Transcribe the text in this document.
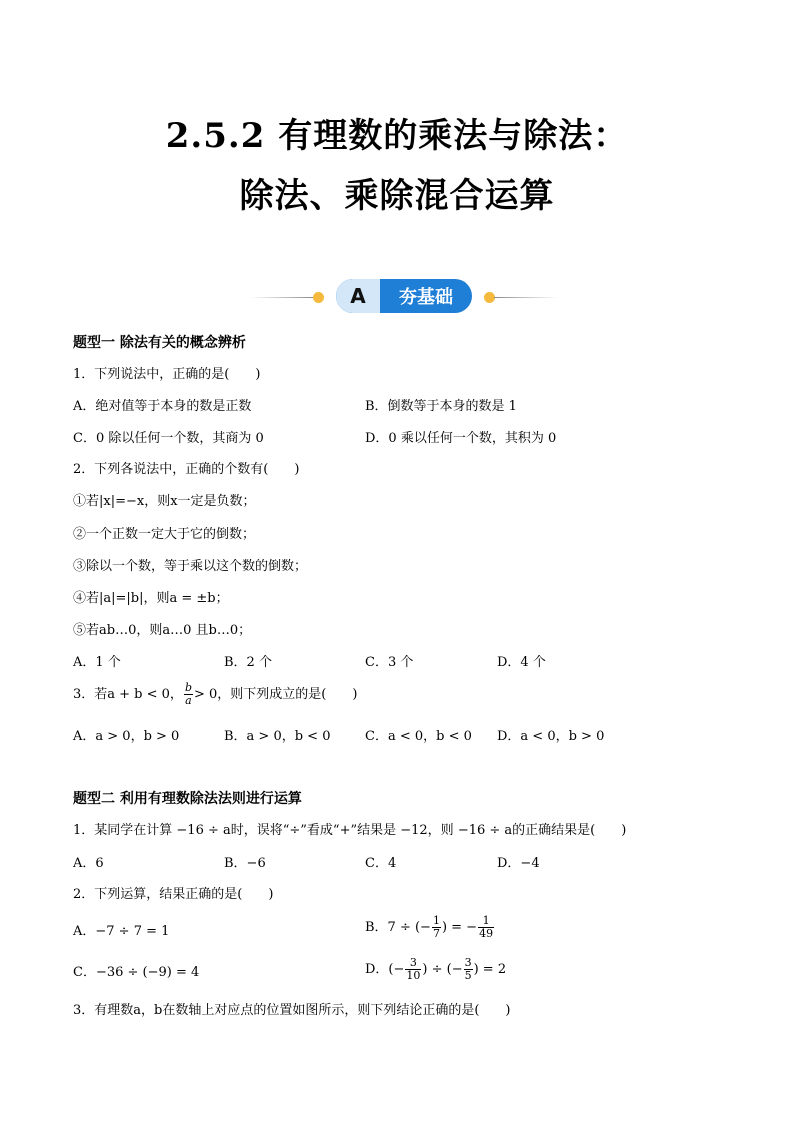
2.5.2 有理数的乘法与除法：
除法、乘除混合运算
A	夯基础
题型一 除法有关的概念辨析
1．下列说法中，正确的是(　　)
A．绝对值等于本身的数是正数	B．倒数等于本身的数是 1
C．0 除以任何一个数，其商为 0	D．0 乘以任何一个数，其积为 0
2．下列各说法中，正确的个数有(　　)
①若|x|=−x，则x一定是负数；
②一个正数一定大于它的倒数；
③除以一个数，等于乘以这个数的倒数；
④若|a|=|b|，则a = ±b；
⑤若ab…0，则a…0 且b…0；
A．1 个	B．2 个	C．3 个	D．4 个
3．若a + b < 0， $\frac{b}{a} > 0$，则下列成立的是(　　)
A．a > 0，b > 0	B．a > 0，b < 0	C．a < 0，b < 0 D．a < 0，b > 0
题型二 利用有理数除法法则进行运算
1．某同学在计算 −16 ÷ a时，误将“÷”看成“+”结果是 −12，则 −16 ÷ a的正确结果是(　　)
A．6	B．−6	C．4	D．−4
2．下列运算，结果正确的是(　　)
A．−7 ÷ 7 = 1	B．7 ÷ (− $\frac{1}{7}$ ) = − $\frac{1}{49}$
C．−36 ÷ (−9) = 4	D．(− $\frac{3}{10}$ ) ÷ (− $\frac{3}{5}$ ) = 2
3．有理数a，b在数轴上对应点的位置如图所示，则下列结论正确的是(　　)
